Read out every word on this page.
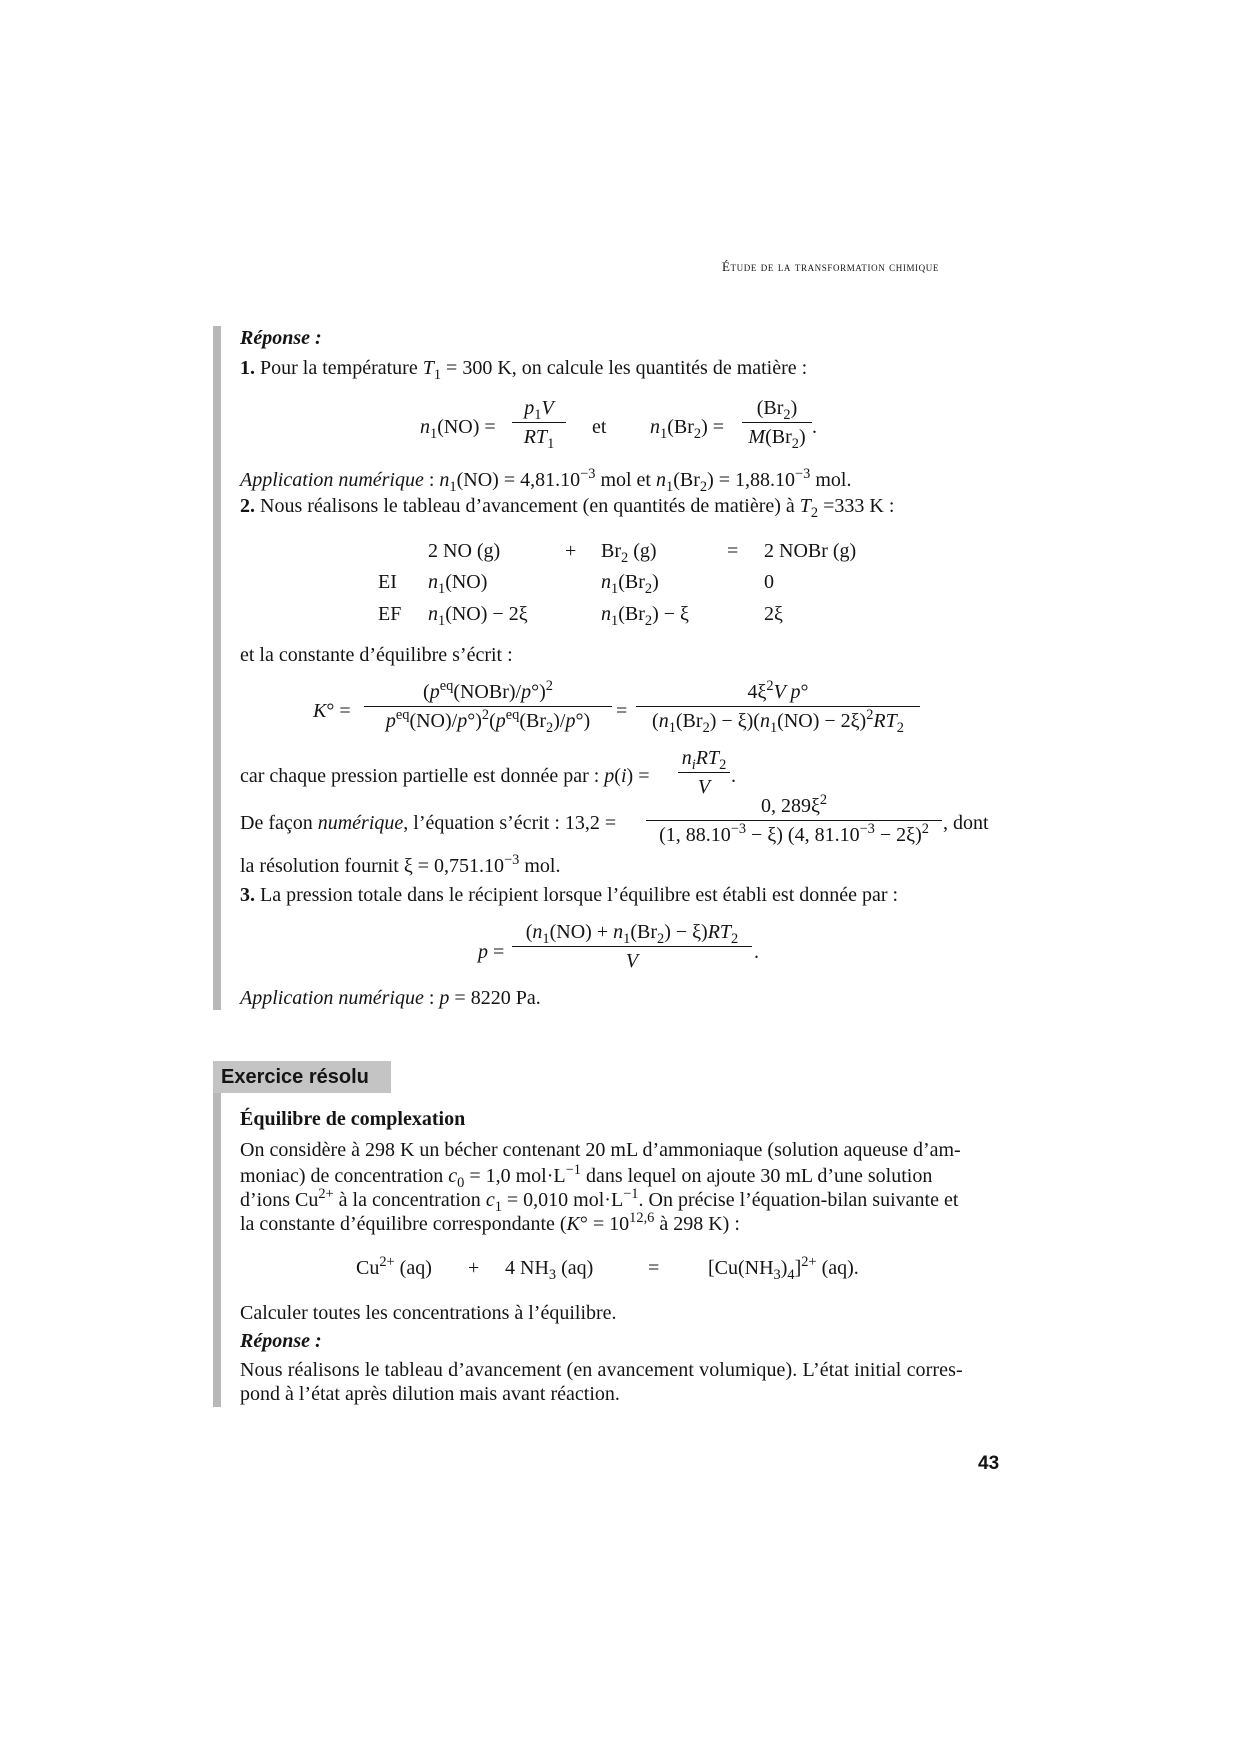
Étude de la transformation chimique
Réponse :
1. Pour la température $T_1 = 300$ K, on calcule les quantités de matière :
$n_1(NO) = \frac{p_1V}{RT_1}$ et $n_1(Br_2) = \frac{(Br_2)}{M(Br_2)}$ .
Application numérique : $n_1(NO) = 4,81.10^{-3}$ mol et $n_1(Br_2) = 1,88.10^{-3}$ mol.
2. Nous réalisons le tableau d’avancement (en quantités de matière) à $T_2 =333$ K :
2 NO (g)	+ $Br_2$ (g)	= 2 NOBr (g)
EI $n_1(NO)$	$n_1(Br_2)$	0
EF $n_1(NO) - 2\xi$	$n_1(Br_2) - \xi$	2ξ
et la constante d’équilibre s’écrit :
K° =
$(p^{eq}(NOBr)/p^\circ)^2$
$p^{eq}(NO)/p^\circ)^2(p^{eq}(Br_2)/p^\circ)$	= $\frac{4\xi^2V p^\circ}{(n_1(Br_2) - \xi)(n_1(NO) - 2\xi)^2RT_2}$
car chaque pression partielle est donnée par : p(i) =
$n_iRT_2$
V	.
De façon numérique, l’équation s’écrit : $13,2 = \frac{0, 289\xi^2}{(1, 88.10^{-3} - \xi) (4, 81.10^{-3} - 2\xi)^2}$ , dont
la résolution fournit $\xi = 0,751.10^{-3}$ mol.
3. La pression totale dans le récipient lorsque l’équilibre est établi est donnée par :
$p = \frac{(n_1(NO) + n_1(Br_2) - \xi)RT_2}{V}$ .
Application numérique : p = 8220 Pa.
Exercice résolu
Équilibre de complexation
On considère à 298 K un bécher contenant 20 mL d’ammoniaque (solution aqueuse d’am-
moniac) de concentration $c_0 = 1,0$ $mol\cdot L^{-1}$ dans lequel on ajoute 30 mL d’une solution
d’ions $Cu^{2+}$ à la concentration $c_1 = 0,010$ $mol\cdot L^{-1}$. On précise l’équation-bilan suivante et
la constante d’équilibre correspondante ($K^\circ = 10^{12,6}$ à 298 K) :
$Cu^{2+}$ (aq) + 4 $NH_3$ (aq)	= $[Cu(NH_3)_4]^{2+}$ (aq).
Calculer toutes les concentrations à l’équilibre.
Réponse :
Nous réalisons le tableau d’avancement (en avancement volumique). L’état initial corres-
pond à l’état après dilution mais avant réaction.
43
